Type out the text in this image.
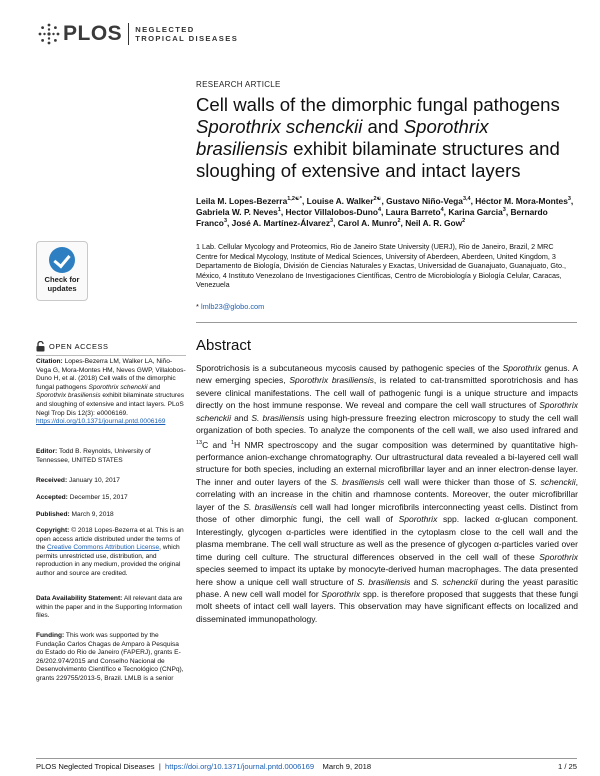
PLOS NEGLECTED
TROPICAL DISEASES
RESEARCH ARTICLE
Cell walls of the dimorphic fungal pathogens Sporothrix schenckii and Sporothrix brasiliensis exhibit bilaminate structures and sloughing of extensive and intact layers
Leila M. Lopes-Bezerra$^{1,2☯*}$, Louise A. Walker$^{2☯}$, Gustavo Niño-Vega$^{3,4}$, Héctor M. Mora-Montes$^3$, Gabriela W. P. Neves$^1$, Hector Villalobos-Duno$^4$, Laura Barreto$^4$, Karina Garcia$^3$, Bernardo Franco$^3$, José A. Martínez-Álvarez$^3$, Carol A. Munro$^2$, Neil A. R. Gow$^2$
1 Lab. Cellular Mycology and Proteomics, Rio de Janeiro State University (UERJ), Rio de Janeiro, Brazil, 2 MRC Centre for Medical Mycology, Institute of Medical Sciences, University of Aberdeen, Aberdeen, United Kingdom, 3 Departamento de Biología, División de Ciencias Naturales y Exactas, Universidad de Guanajuato, Guanajuato, Gto., México, 4 Instituto Venezolano de Investigaciones Científicas, Centro de Microbiología y Biología Celular, Caracas, Venezuela
* lmlb23@globo.com
Check for
updates
OPEN ACCESS
Citation: Lopes-Bezerra LM, Walker LA, Niño-Vega G, Mora-Montes HM, Neves GWP, Villalobos-Duno H, et al. (2018) Cell walls of the dimorphic fungal pathogens Sporothrix schenckii and Sporothrix brasiliensis exhibit bilaminate structures and sloughing of extensive and intact layers. PLoS Negl Trop Dis 12(3): e0006169. https://doi.org/10.1371/journal.pntd.0006169
Editor: Todd B. Reynolds, University of Tennessee, UNITED STATES
Received: January 10, 2017
Accepted: December 15, 2017
Published: March 9, 2018
Copyright: © 2018 Lopes-Bezerra et al. This is an open access article distributed under the terms of the Creative Commons Attribution License, which permits unrestricted use, distribution, and reproduction in any medium, provided the original author and source are credited.
Data Availability Statement: All relevant data are within the paper and in the Supporting Information files.
Funding: This work was supported by the Fundação Carlos Chagas de Amparo à Pesquisa do Estado do Rio de Janeiro (FAPERJ), grants E-26/202.974/2015 and Conselho Nacional de Desenvolvimento Científico e Tecnológico (CNPq), grants 229755/2013-5, Brazil. LMLB is a senior
Abstract
Sporotrichosis is a subcutaneous mycosis caused by pathogenic species of the Sporothrix genus. A new emerging species, Sporothrix brasiliensis, is related to cat-transmitted sporotrichosis and has severe clinical manifestations. The cell wall of pathogenic fungi is a unique structure and impacts directly on the host immune response. We reveal and compare the cell wall structures of Sporothrix schenckii and S. brasiliensis using high-pressure freezing electron microscopy to study the cell wall organization of both species. To analyze the components of the cell wall, we also used infrared and $^{13}$C and $^1$H NMR spectroscopy and the sugar composition was determined by quantitative high-performance anion-exchange chromatography. Our ultrastructural data revealed a bi-layered cell wall structure for both species, including an external microfibrillar layer and an inner electron-dense layer. The inner and outer layers of the S. brasiliensis cell wall were thicker than those of S. schenckii, correlating with an increase in the chitin and rhamnose contents. Moreover, the outer microfibrillar layer of the S. brasiliensis cell wall had longer microfibrils interconnecting yeast cells. Distinct from those of other dimorphic fungi, the cell wall of Sporothrix spp. lacked α-glucan component. Interestingly, glycogen α-particles were identified in the cytoplasm close to the cell wall and the plasma membrane. The cell wall structure as well as the presence of glycogen α-particles varied over time during cell culture. The structural differences observed in the cell wall of these Sporothrix species seemed to impact its uptake by monocyte-derived human macrophages. The data presented here show a unique cell wall structure of S. brasiliensis and S. schenckii during the yeast parasitic phase. A new cell wall model for Sporothrix spp. is therefore proposed that suggests that these fungi molt sheets of intact cell wall layers. This observation may have significant effects on localized and disseminated immunopathology.
PLOS Neglected Tropical Diseases  |  https://doi.org/10.1371/journal.pntd.0006169 March 9, 2018	1 / 25
